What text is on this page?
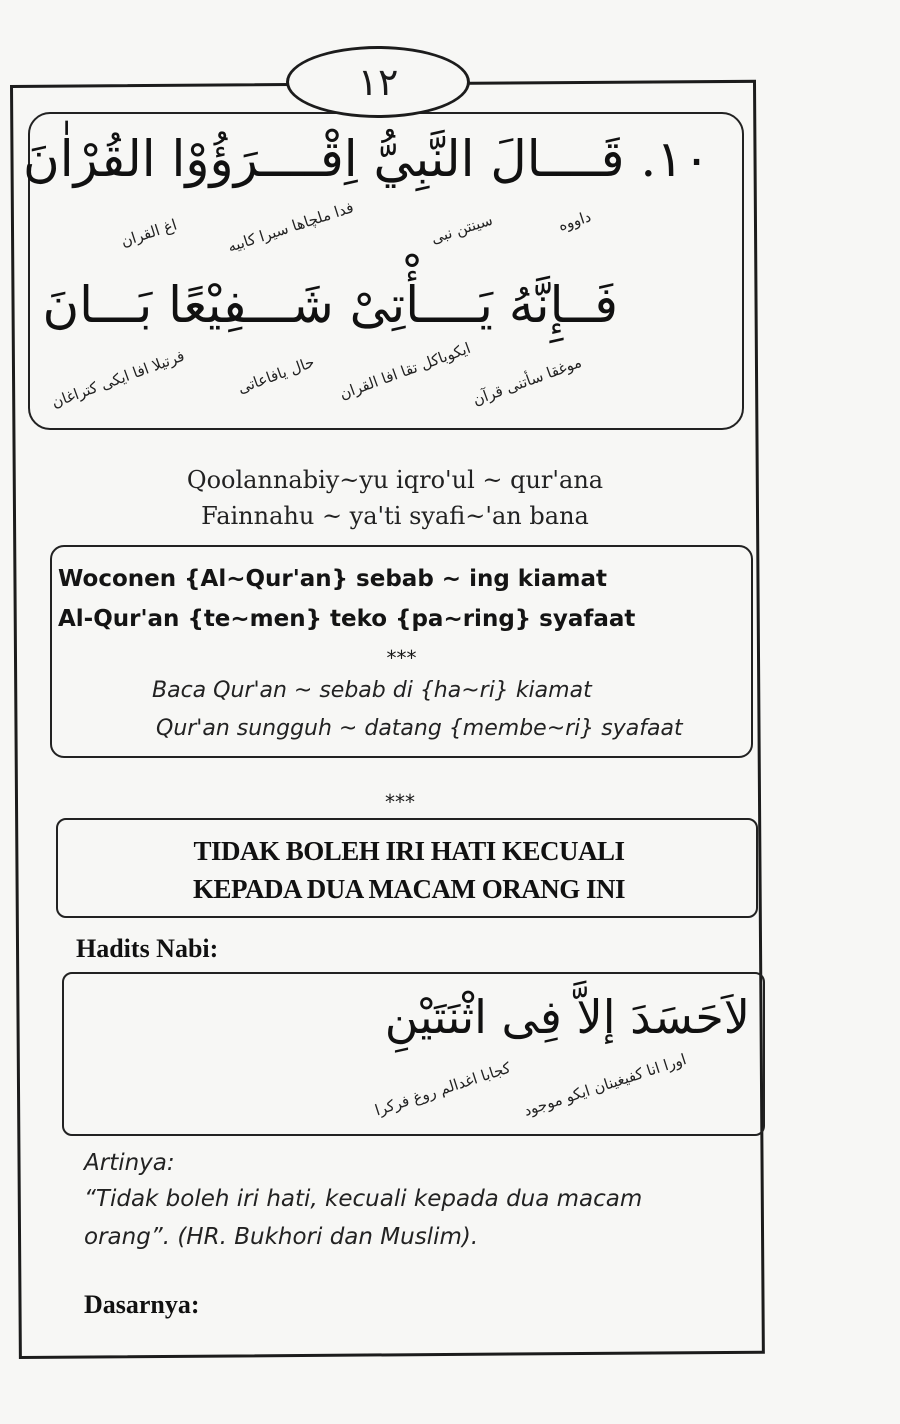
١٢
١٠. قَــــالَ النَّبِيُّ اِقْــــرَؤُوْا القُرْاٰنَ
داووه
سينتن نبى
فدا ملچاها سيرا كابيه
اغ القران
فَــإِنَّهُ يَــــأْتِىْ شَـــفِيْعًا بَـــانَ
موغقا سأتنى قرآن
ايكوباكل تقا افا القران
حال يافاعاتى
فرتيلا افا ايكى كتراغان
Qoolannabiy~yu iqro'ul ~ qur'ana
Fainnahu ~ ya'ti syafi~'an bana
Woconen {Al~Qur'an} sebab ~ ing kiamat
Al-Qur'an {te~men} teko {pa~ring} syafaat
***
Baca Qur'an ~ sebab di {ha~ri} kiamat
Qur'an sungguh ~ datang {membe~ri} syafaat
***
TIDAK BOLEH IRI HATI KECUALI
KEPADA DUA MACAM ORANG INI
Hadits Nabi:
لاَحَسَدَ إلاَّ فِى اثْنَتَيْنِ
اورا انا كفيغينان ايكو موجود
كجابا اغدالم روغ فركرا
Artinya:
“Tidak boleh iri hati, kecuali kepada dua macam
orang”. (HR. Bukhori dan Muslim).
Dasarnya:
